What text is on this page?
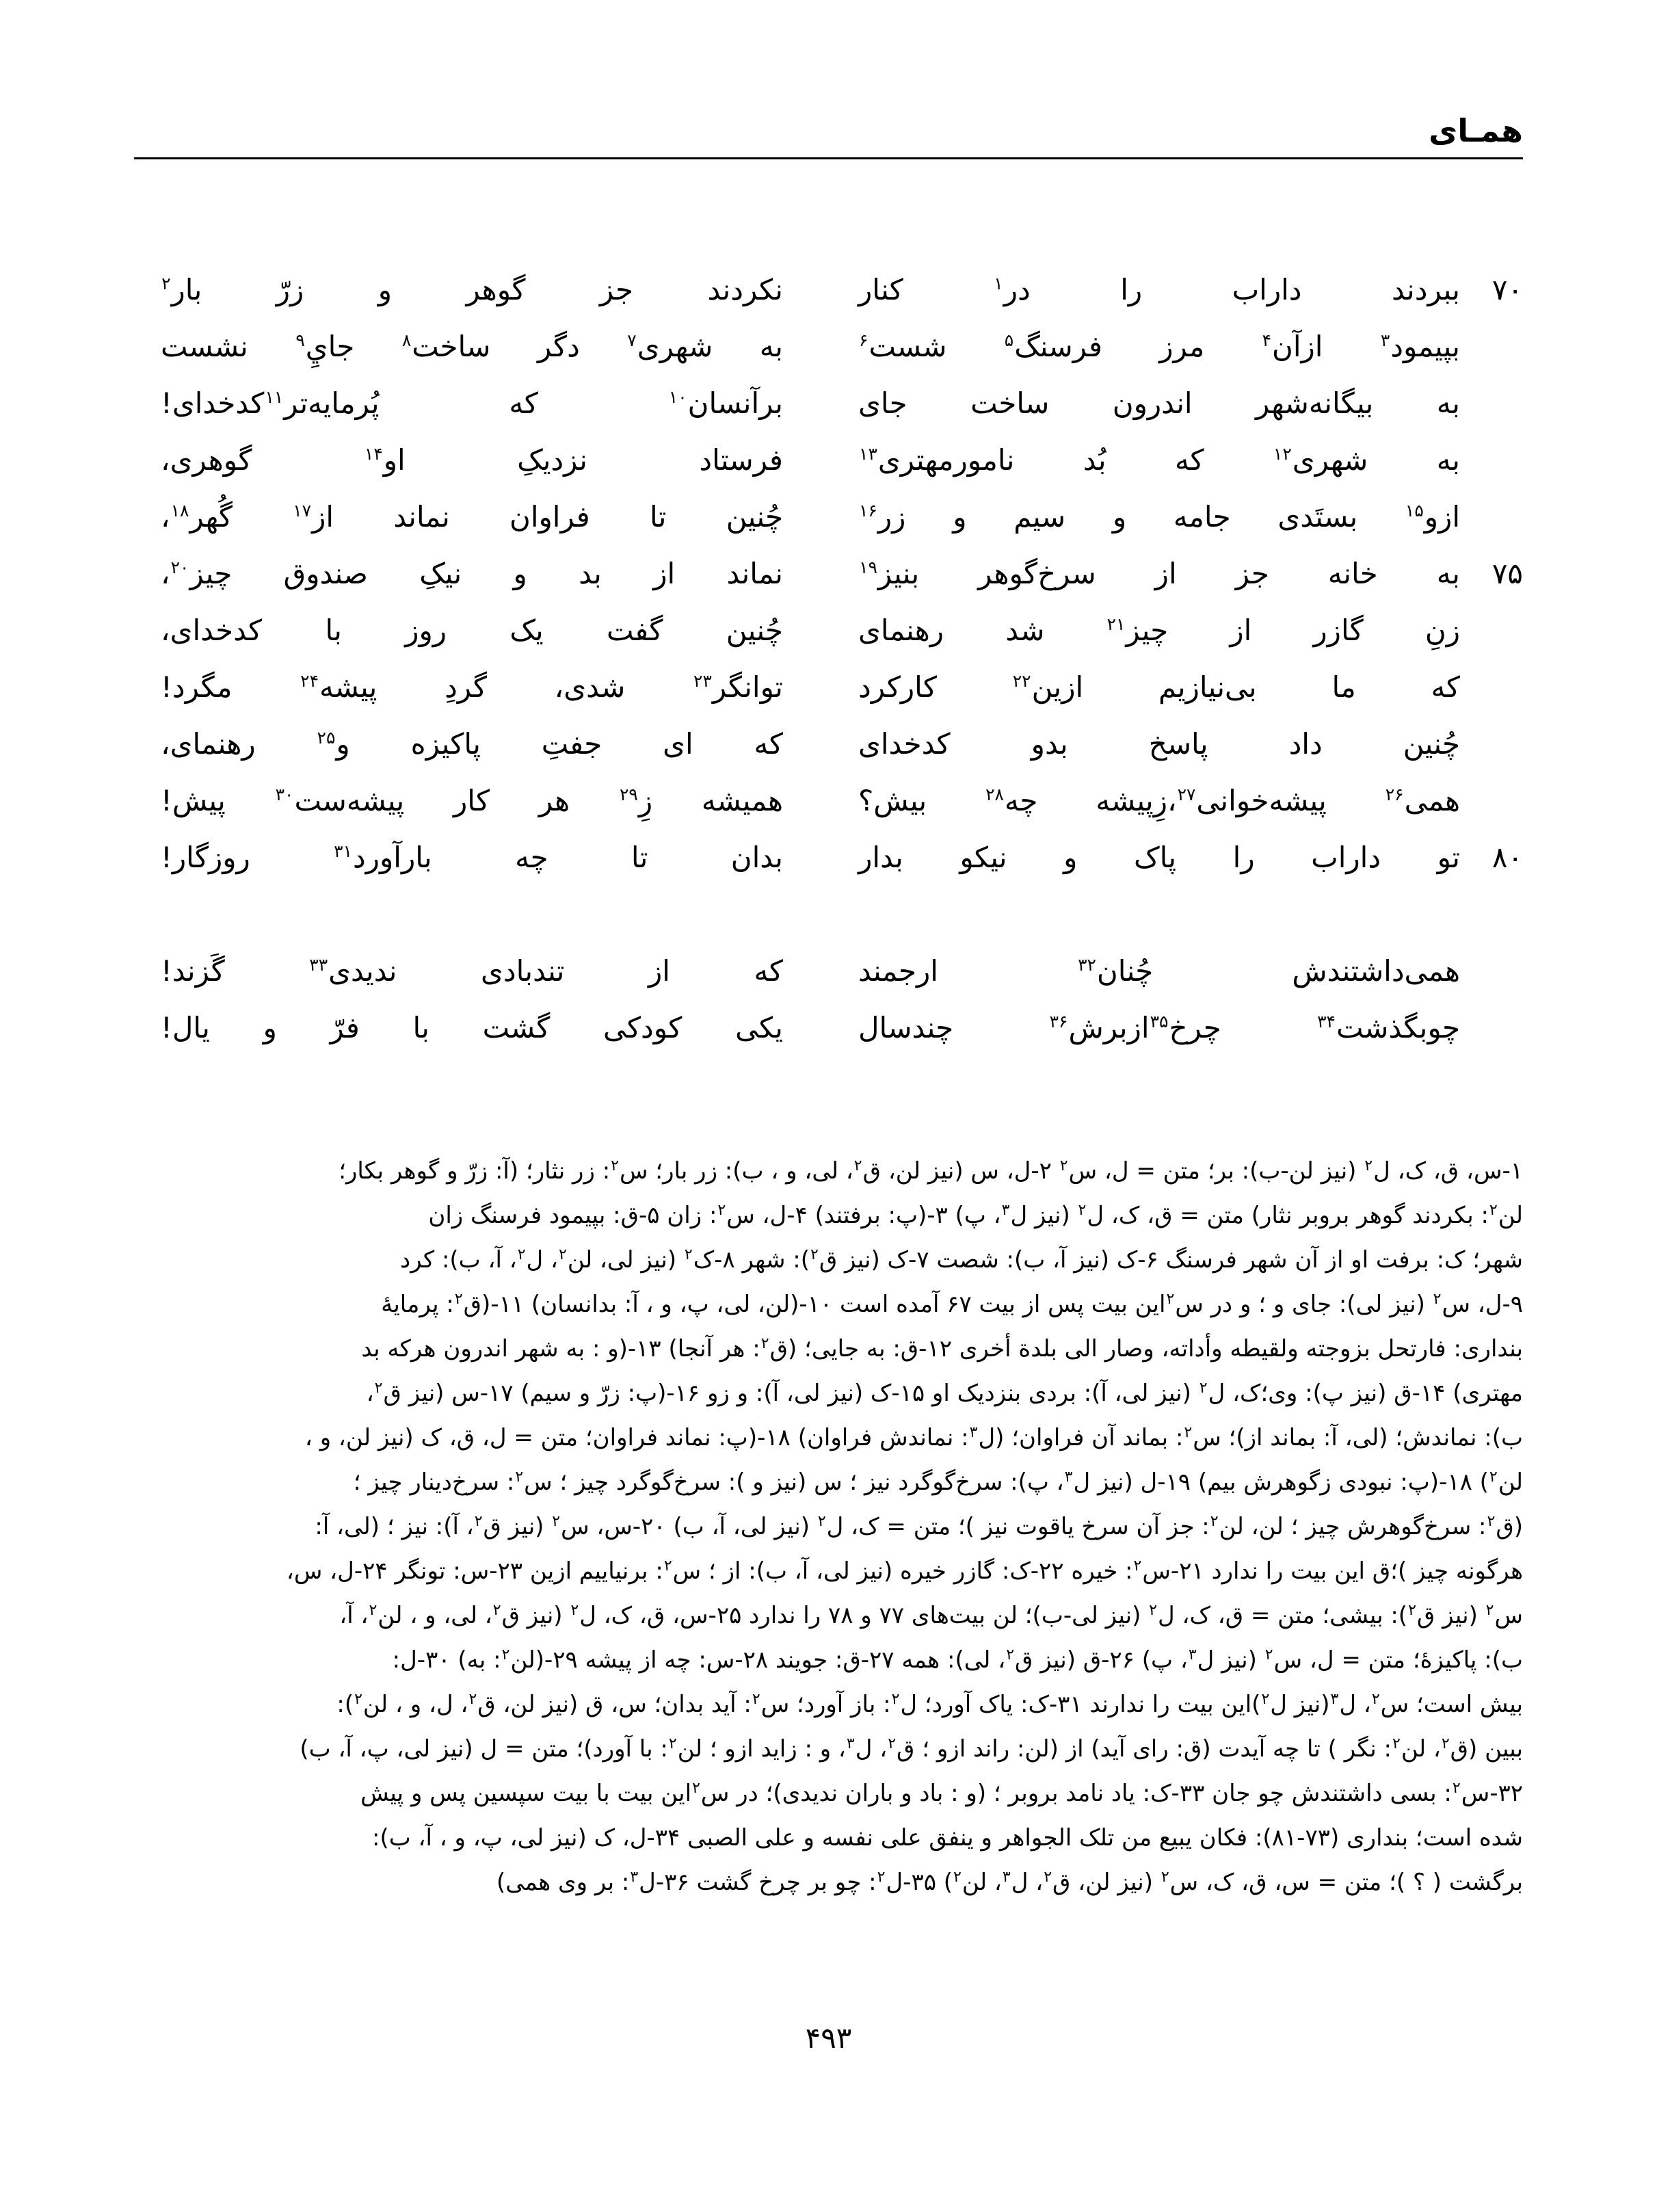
همـای
۷۰
ببردند
داراب
را
در$^۱$
کنار
نکردند
جز
گوهر
و
زرّ
بار$^۲$
بپیمود$^۳$
ازآن$^۴$
مرز
فرسنگ$^۵$
شست$^۶$
به
شهری$^۷$
دگر
ساخت$^۸$
جايِ$^۹$
نشست
به
بیگانه‌شهر
اندرون
ساخت
جای
برآنسان$^{۱۰}$
که
پُرمایه‌تر$^{۱۱}$کدخدای!
به
شهری$^{۱۲}$
که
بُد
نامورمهتری$^{۱۳}$
فرستاد
نزدیکِ
او$^{۱۴}$
گوهری،
ازو$^{۱۵}$
بستَدی
جامه
و
سیم
و
زر$^{۱۶}$
چُنین
تا
فراوان
نماند
از$^{۱۷}$
گُهر$^{۱۸}$،
۷۵
به
خانه
جز
از
سرخ‌گوهر
بنیز$^{۱۹}$
نماند
از
بد
و
نیکِ
صندوق
چیز$^{۲۰}$،
زنِ
گازر
از
چیز$^{۲۱}$
شد
رهنمای
چُنین
گفت
یک
روز
با
کدخدای،
که
ما
بی‌نیازیم
ازین$^{۲۲}$
کارکرد
توانگر$^{۲۳}$
شدی،
گردِ
پیشه$^{۲۴}$
مگرد!
چُنین
داد
پاسخ
بدو
کدخدای
که
ای
جفتِ
پاکیزه
و$^{۲۵}$
رهنمای،
همی$^{۲۶}$
پیشه‌خوانی$^{۲۷}$،زِپیشه
چه$^{۲۸}$
بیش؟
همیشه
زِ$^{۲۹}$
هر
کار
پیشه‌ست$^{۳۰}$
پیش!
۸۰
تو
داراب
را
پاک
و
نیکو
بدار
بدان
تا
چه
بارآورد$^{۳۱}$
روزگار!
همی‌داشتندش
چُنان$^{۳۲}$
ارجمند
که
از
تندبادی
ندیدی$^{۳۳}$
گَزند!
چوبگذشت$^{۳۴}$
چرخ$^{۳۵}$ازبرش$^{۳۶}$
چندسال
یکی
کودکی
گشت
با
فرّ
و
یال!

۱-س، ق، ک، ل$^۲$ (نیز لن-ب): بر؛ متن = ل، س$^۲$ ۲-ل، س (نیز لن، ق$^۲$، لی، و ، ب): زر بار؛ س$^۲$: زر نثار؛ (آ: زرّ و گوهر بکار؛

لن$^۲$: بکردند گوهر بروبر نثار) متن = ق، ک، ل$^۲$ (نیز ل$^۳$، پ) ۳-(پ: برفتند) ۴-ل، س$^۲$: زان ۵-ق: بپیمود فرسنگ زان

شهر؛ ک: برفت او از آن شهر فرسنگ ۶-ک (نیز آ، ب): شصت ۷-ک (نیز ق$^۲$): شهر ۸-ک$^۲$ (نیز لی، لن$^۲$، ل$^۲$، آ، ب): کرد

۹-ل، س$^۲$ (نیز لی): جای و ؛ و در س$^۲$این بیت پس از بیت ۶۷ آمده است ۱۰-(لن، لی، پ، و ، آ: بدانسان) ۱۱-(ق$^۲$: پرمایهٔ

بنداری: فارتحل بزوجته ولقیطه وأداته، وصار الی بلدة أخری ۱۲-ق: به جایی؛ (ق$^۲$: هر آنجا) ۱۳-(و : به شهر اندرون هرکه بد

مهتری) ۱۴-ق (نیز پ): وی؛ک، ل$^۲$ (نیز لی، آ): بردی بنزدیک او ۱۵-ک (نیز لی، آ): و زو ۱۶-(پ: زرّ و سیم) ۱۷-س (نیز ق$^۲$،

ب): نماندش؛ (لی، آ: بماند از)؛ س$^۲$: بماند آن فراوان؛ (ل$^۳$: نماندش فراوان) ۱۸-(پ: نماند فراوان؛ متن = ل، ق، ک (نیز لن، و ،

لن$^۲$) ۱۸-(پ: نبودی زگوهرش بیم) ۱۹-ل (نیز ل$^۳$، پ): سرخ‌گوگرد نیز ؛ س (نیز و ): سرخ‌گوگرد چیز ؛ س$^۲$: سرخ‌دینار چیز ؛

(ق$^۲$: سرخ‌گوهرش چیز ؛ لن، لن$^۲$: جز آن سرخ یاقوت نیز )؛ متن = ک، ل$^۲$ (نیز لی، آ، ب) ۲۰-س، س$^۲$ (نیز ق$^۲$، آ): نیز ؛ (لی، آ:

هرگونه چیز )؛ق این بیت را ندارد ۲۱-س$^۲$: خیره ۲۲-ک: گازر خیره (نیز لی، آ، ب): از ؛ س$^۲$: برنیاییم ازین ۲۳-س: تونگر ۲۴-ل، س،

س$^۲$ (نیز ق$^۲$): بیشی؛ متن = ق، ک، ل$^۲$ (نیز لی-ب)؛ لن بیت‌های ۷۷ و ۷۸ را ندارد ۲۵-س، ق، ک، ل$^۲$ (نیز ق$^۲$، لی، و ، لن$^۲$، آ،

ب): پاکیزهٔ؛ متن = ل، س$^۲$ (نیز ل$^۳$، پ) ۲۶-ق (نیز ق$^۲$، لی): همه ۲۷-ق: جویند ۲۸-س: چه از پیشه ۲۹-(لن$^۲$: به) ۳۰-ل:

بیش است؛ س$^۲$، ل$^۳$(نیز ل$^۲$)این بیت را ندارند ۳۱-ک: یاک آورد؛ ل$^۲$: باز آورد؛ س$^۲$: آید بدان؛ س، ق (نیز لن، ق$^۲$، ل، و ، لن$^۲$):

ببین (ق$^۲$، لن$^۲$: نگر ) تا چه آیدت (ق: رای آید) از (لن: راند ازو ؛ ق$^۲$، ل$^۳$، و : زاید ازو ؛ لن$^۲$: با آورد)؛ متن = ل (نیز لی، پ، آ، ب)

۳۲-س$^۲$: بسی داشتندش چو جان ۳۳-ک: یاد نامد بروبر ؛ (و : باد و باران ندیدی)؛ در س$^۲$این بیت با بیت سپسین پس و پیش

شده است؛ بنداری (۷۳-۸۱): فکان یبیع من تلک الجواهر و ینفق علی نفسه و علی الصبی ۳۴-ل، ک (نیز لی، پ، و ، آ، ب):

برگشت ( ؟ )؛ متن = س، ق، ک، س$^۲$ (نیز لن، ق$^۲$، ل$^۳$، لن$^۲$) ۳۵-ل$^۲$: چو بر چرخ گشت ۳۶-ل$^۳$: بر وی همی)

۴۹۳
